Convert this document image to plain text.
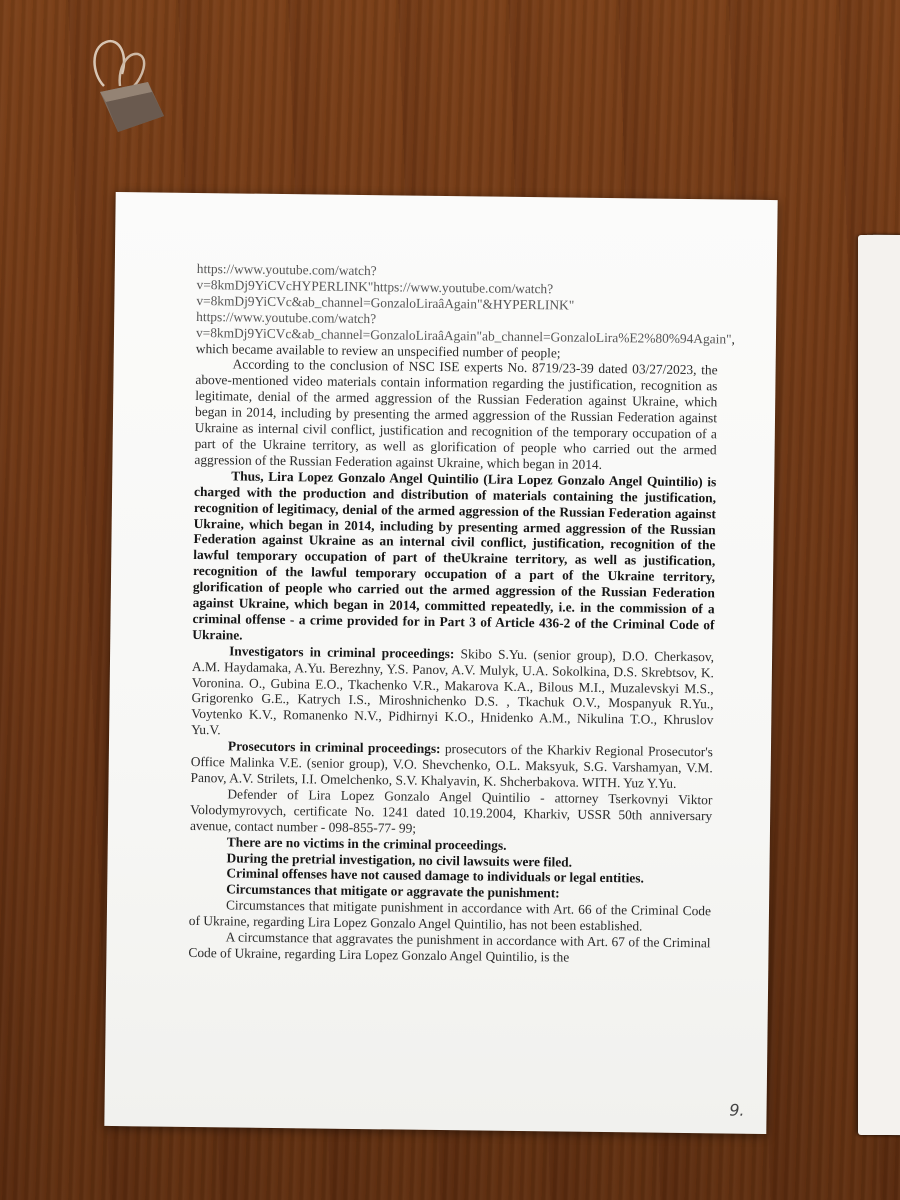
https://www.youtube.com/watch?v=8kmDj9YiCVcHYPERLINK"https://www.youtube.com/watch?v=8kmDj9YiCVc&ab_channel=GonzaloLiraâAgain"&HYPERLINK" https://www.youtube.com/watch?v=8kmDj9YiCVc&ab_channel=GonzaloLiraâAgain"ab_channel=GonzaloLira%E2%80%94Again", which became available to review an unspecified number of people;

According to the conclusion of NSC ISE experts No. 8719/23-39 dated 03/27/2023, the above-mentioned video materials contain information regarding the justification, recognition as legitimate, denial of the armed aggression of the Russian Federation against Ukraine, which began in 2014, including by presenting the armed aggression of the Russian Federation against Ukraine as internal civil conflict, justification and recognition of the temporary occupation of a part of the Ukraine territory, as well as glorification of people who carried out the armed aggression of the Russian Federation against Ukraine, which began in 2014.

Thus, Lira Lopez Gonzalo Angel Quintilio (Lira Lopez Gonzalo Angel Quintilio) is charged with the production and distribution of materials containing the justification, recognition of legitimacy, denial of the armed aggression of the Russian Federation against Ukraine, which began in 2014, including by presenting armed aggression of the Russian Federation against Ukraine as an internal civil conflict, justification, recognition of the lawful temporary occupation of part of theUkraine territory, as well as justification, recognition of the lawful temporary occupation of a part of the Ukraine territory, glorification of people who carried out the armed aggression of the Russian Federation against Ukraine, which began in 2014, committed repeatedly, i.e. in the commission of a criminal offense - a crime provided for in Part 3 of Article 436-2 of the Criminal Code of Ukraine.

Investigators in criminal proceedings: Skibo S.Yu. (senior group), D.O. Cherkasov, A.M. Haydamaka, A.Yu. Berezhny, Y.S. Panov, A.V. Mulyk, U.A. Sokolkina, D.S. Skrebtsov, K. Voronina. O., Gubina E.O., Tkachenko V.R., Makarova K.A., Bilous M.I., Muzalevskyi M.S., Grigorenko G.E., Katrych I.S., Miroshnichenko D.S. , Tkachuk O.V., Mospanyuk R.Yu., Voytenko K.V., Romanenko N.V., Pidhirnyi K.O., Hnidenko A.M., Nikulina T.O., Khruslov Yu.V.

Prosecutors in criminal proceedings: prosecutors of the Kharkiv Regional Prosecutor's Office Malinka V.E. (senior group), V.O. Shevchenko, O.L. Maksyuk, S.G. Varshamyan, V.M. Panov, A.V. Strilets, I.I. Omelchenko, S.V. Khalyavin, K. Shcherbakova. WITH. Yuz Y.Yu.

Defender of Lira Lopez Gonzalo Angel Quintilio - attorney Tserkovnyi Viktor Volodymyrovych, certificate No. 1241 dated 10.19.2004, Kharkiv, USSR 50th anniversary avenue, contact number - 098-855-77- 99;

There are no victims in the criminal proceedings.

During the pretrial investigation, no civil lawsuits were filed.

Criminal offenses have not caused damage to individuals or legal entities.

Circumstances that mitigate or aggravate the punishment:

Circumstances that mitigate punishment in accordance with Art. 66 of the Criminal Code of Ukraine, regarding Lira Lopez Gonzalo Angel Quintilio, has not been established.

A circumstance that aggravates the punishment in accordance with Art. 67 of the Criminal Code of Ukraine, regarding Lira Lopez Gonzalo Angel Quintilio, is the

9.
